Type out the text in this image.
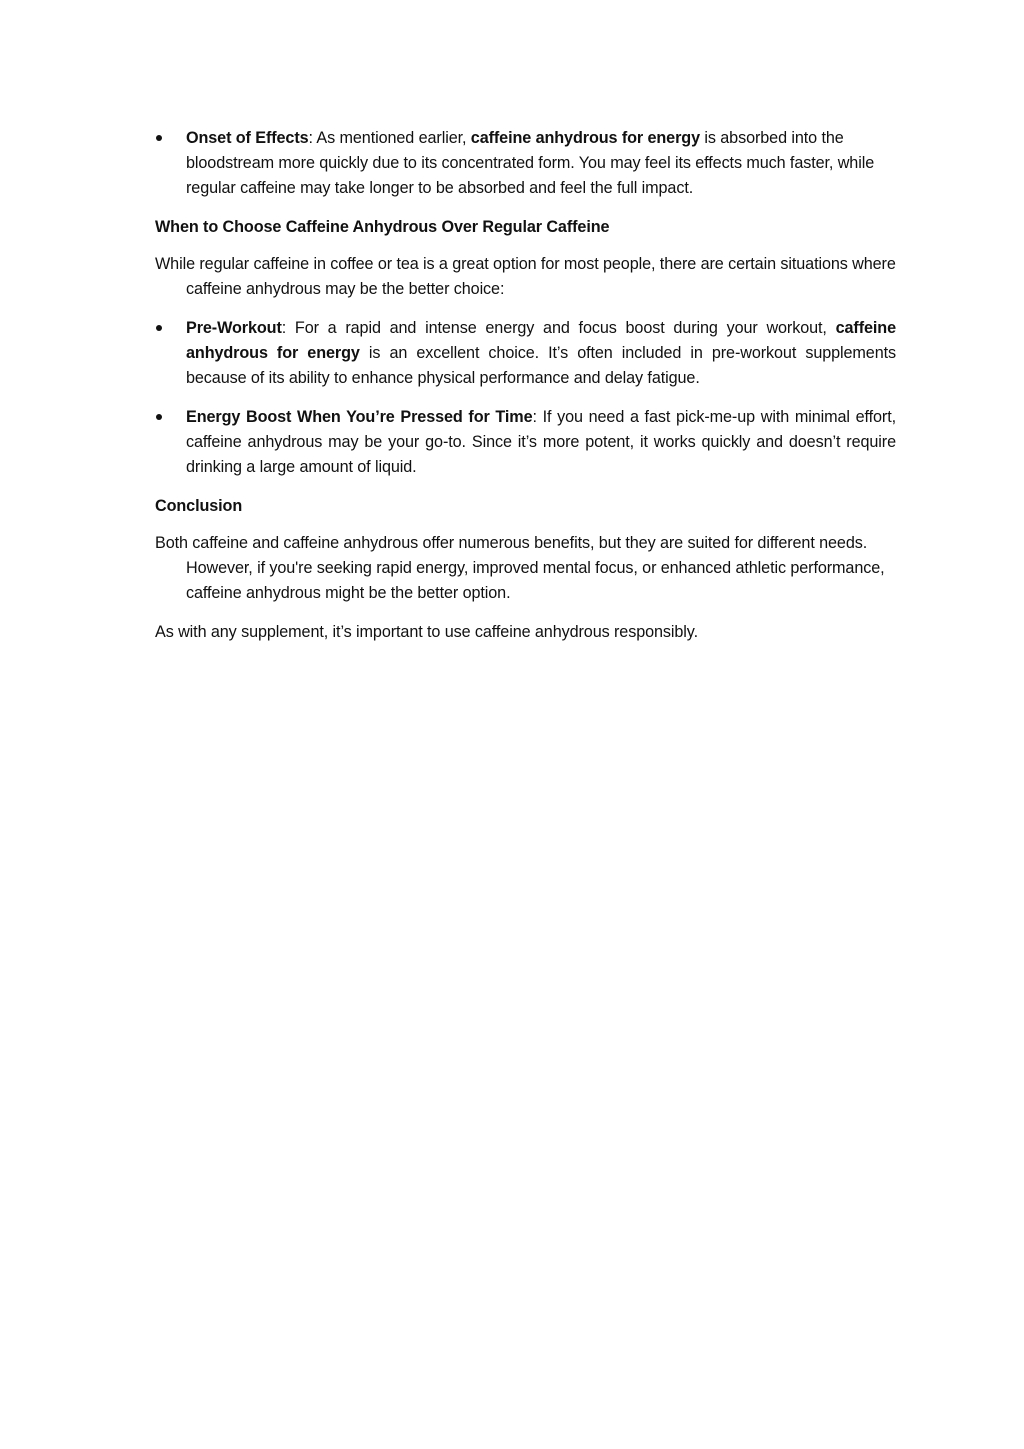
Onset of Effects: As mentioned earlier, caffeine anhydrous for energy is absorbed into the bloodstream more quickly due to its concentrated form. You may feel its effects much faster, while regular caffeine may take longer to be absorbed and feel the full impact.
When to Choose Caffeine Anhydrous Over Regular Caffeine
While regular caffeine in coffee or tea is a great option for most people, there are certain situations where caffeine anhydrous may be the better choice:
Pre-Workout: For a rapid and intense energy and focus boost during your workout, caffeine anhydrous for energy is an excellent choice. It’s often included in pre-workout supplements because of its ability to enhance physical performance and delay fatigue.
Energy Boost When You’re Pressed for Time: If you need a fast pick-me-up with minimal effort, caffeine anhydrous may be your go-to. Since it’s more potent, it works quickly and doesn’t require drinking a large amount of liquid.
Conclusion
Both caffeine and caffeine anhydrous offer numerous benefits, but they are suited for different needs. However, if you're seeking rapid energy, improved mental focus, or enhanced athletic performance, caffeine anhydrous might be the better option.
As with any supplement, it’s important to use caffeine anhydrous responsibly.
